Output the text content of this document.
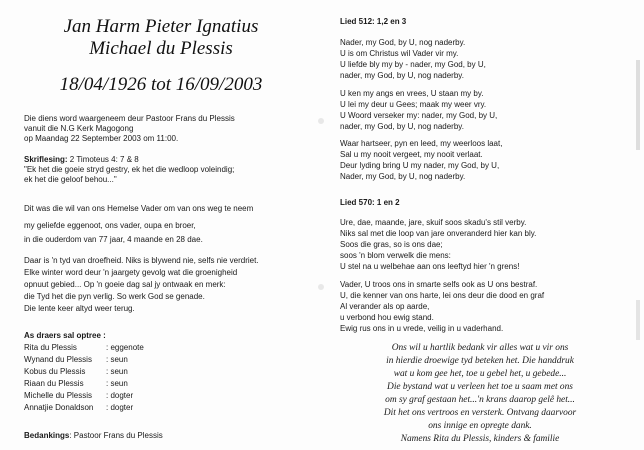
Jan Harm Pieter Ignatius
Michael du Plessis
18/04/1926 tot 16/09/2003
Die diens word waargeneem deur Pastoor Frans du Plessis
vanuit die N.G Kerk Magogong
op Maandag 22 September 2003 om 11:00.
Skriflesing: 2 Timoteus 4: 7 & 8
"Ek het die goeie stryd gestry, ek het die wedloop voleindig;
ek het die geloof behou..."
Dit was die wil van ons Hemelse Vader om van ons weg te neem
my geliefde eggenoot, ons vader, oupa en broer,
in die ouderdom van 77 jaar, 4 maande en 28 dae.
Daar is 'n tyd van droefheid. Niks is blywend nie, selfs nie verdriet.
Elke winter word deur 'n jaargety gevolg wat die groenigheid
opnuut gebied... Op 'n goeie dag sal jy ontwaak en merk:
die Tyd het die pyn verlig. So werk God se genade.
Die lente keer altyd weer terug.
As draers sal optree :
Rita du Plessis	: eggenote
Wynand du Plessis : seun
Kobus du Plessis	: seun
Riaan du Plessis	: seun
Michelle du Plessis : dogter
Annatjie Donaldson : dogter
Bedankings: Pastoor Frans du Plessis
Lied 512: 1,2 en 3
Nader, my God, by U, nog naderby.
U is om Christus wil Vader vir my.
U liefde bly my by - nader, my God, by U,
nader, my God, by U, nog naderby.
U ken my angs en vrees, U staan my by.
U lei my deur u Gees; maak my weer vry.
U Woord verseker my: nader, my God, by U,
nader, my God, by U, nog naderby.
Waar hartseer, pyn en leed, my weerloos laat,
Sal u my nooit vergeet, my nooit verlaat.
Deur lyding bring U my nader, my God, by U,
Nader, my God, by U, nog naderby.
Lied 570: 1 en 2
Ure, dae, maande, jare, skuif soos skadu's stil verby.
Niks sal met die loop van jare onveranderd hier kan bly.
Soos die gras, so is ons dae;
soos 'n blom verwelk die mens:
U stel na u welbehae aan ons leeftyd hier 'n grens!
Vader, U troos ons in smarte selfs ook as U ons bestraf.
U, die kenner van ons harte, lei ons deur die dood en graf
Al verander als op aarde,
u verbond hou ewig stand.
Ewig rus ons in u vrede, veilig in u vaderhand.
Ons wil u hartlik bedank vir alles wat u vir ons
in hierdie droewige tyd beteken het. Die handdruk
wat u kom gee het, toe u gebel het, u gebede...
Die bystand wat u verleen het toe u saam met ons
om sy graf gestaan het...'n krans daarop gelê het...
Dit het ons vertroos en versterk. Ontvang daarvoor
ons innige en opregte dank.
Namens Rita du Plessis, kinders & familie
